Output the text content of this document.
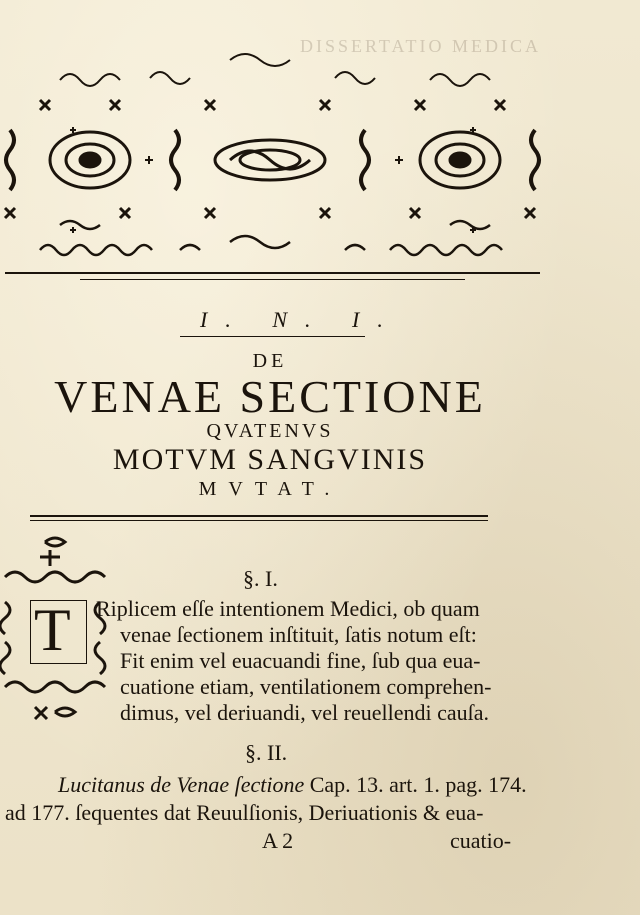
DISSERTATIO MEDICA
I. N. I.
DE
VENAE SECTIONE
QVATENVS
MOTVM SANGVINIS
MVTAT.
T
§. I.
Riplicem eſſe intentionem Medici, ob quam
venae ſectionem inſtituit, ſatis notum eſt:
Fit enim vel euacuandi fine, ſub qua eua-
cuatione etiam, ventilationem comprehen-
dimus, vel deriuandi, vel reuellendi cauſa.
§. II.
Lucitanus de Venae ſectione Cap. 13. art. 1. pag. 174.
ad 177. ſequentes dat Reuulſionis, Deriuationis & eua-
A 2	cuatio-
